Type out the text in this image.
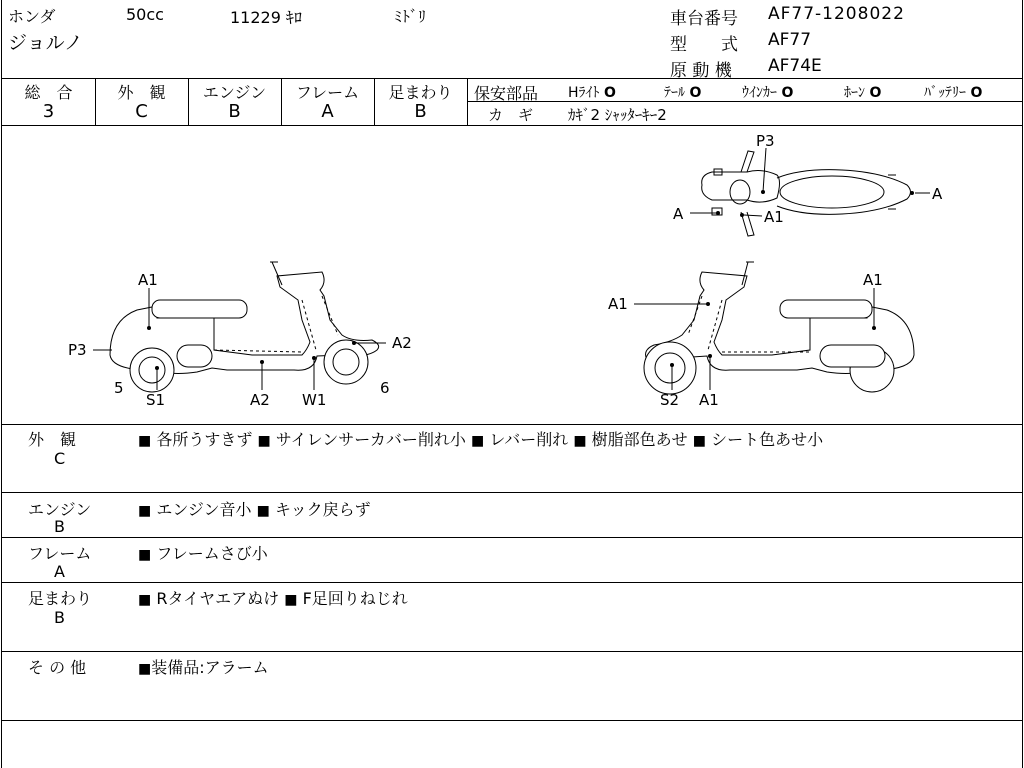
ホンダ	50cc	11229 ｷﾛ	ﾐﾄﾞﾘ
ジョルノ
車台番号 AF77-1208022
型　　式 AF77
原 動 機 AF74E
総　合
3
外　観
C
エンジン
B
フレーム
A
足まわり
B
保安部品 Hﾗｲﾄ O	ﾃｰﾙ O	ｳｲﾝｶｰ O	ﾎｰﾝ O	ﾊﾞｯﾃﾘｰ O
カ　ギ ｶｷﾞ2 ｼｬｯﾀｰｷｰ2
P3
A
A	A1
A1
P3	A2
5	6
S1	A2 W1
A1
A1
S2 A1
外　観
C
■ 各所うすきず ■ サイレンサーカバー削れ小 ■ レバー削れ ■ 樹脂部色あせ ■ シート色あせ小
エンジン
B
■ エンジン音小 ■ キック戻らず
フレーム
A
■ フレームさび小
足まわり
B
■ Rタイヤエアぬけ ■ F足回りねじれ
そ の 他	■装備品:アラーム
